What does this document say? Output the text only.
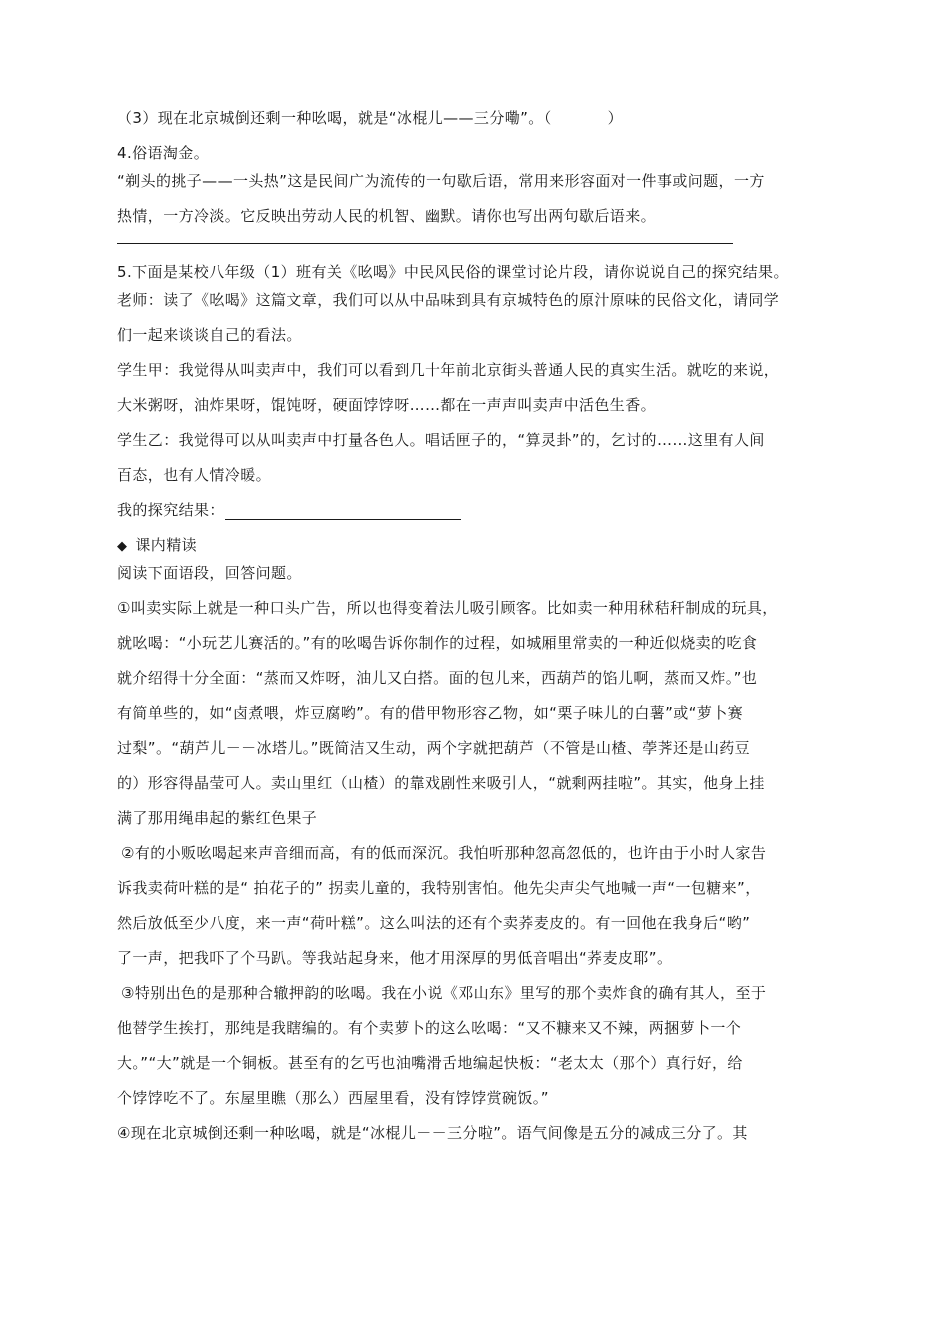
（3）现在北京城倒还剩一种吆喝，就是“冰棍儿——三分嘞”。（	）
4.俗语淘金。
“剃头的挑子——一头热”这是民间广为流传的一句歇后语，常用来形容面对一件事或问题，一方
热情，一方冷淡。它反映出劳动人民的机智、幽默。请你也写出两句歇后语来。
5.下面是某校八年级（1）班有关《吆喝》中民风民俗的课堂讨论片段，请你说说自己的探究结果。
老师：读了《吆喝》这篇文章，我们可以从中品味到具有京城特色的原汁原味的民俗文化，请同学
们一起来谈谈自己的看法。
学生甲：我觉得从叫卖声中，我们可以看到几十年前北京街头普通人民的真实生活。就吃的来说，
大米粥呀，油炸果呀，馄饨呀，硬面饽饽呀……都在一声声叫卖声中活色生香。
学生乙：我觉得可以从叫卖声中打量各色人。唱话匣子的，“算灵卦”的，乞讨的……这里有人间
百态，也有人情冷暖。
我的探究结果：
◆ 课内精读
阅读下面语段，回答问题。
①叫卖实际上就是一种口头广告，所以也得变着法儿吸引顾客。比如卖一种用秫秸秆制成的玩具，
就吆喝：“小玩艺儿赛活的。”有的吆喝告诉你制作的过程，如城厢里常卖的一种近似烧卖的吃食
就介绍得十分全面：“蒸而又炸呀，油儿又白搭。面的包儿来，西葫芦的馅儿啊，蒸而又炸。”也
有简单些的，如“卤煮喂，炸豆腐哟”。有的借甲物形容乙物，如“栗子味儿的白薯”或“萝卜赛
过梨”。“葫芦儿－－冰塔儿。”既简洁又生动，两个字就把葫芦（不管是山楂、荸荠还是山药豆
的）形容得晶莹可人。卖山里红（山楂）的靠戏剧性来吸引人，“就剩两挂啦”。其实，他身上挂
满了那用绳串起的紫红色果子
②有的小贩吆喝起来声音细而高，有的低而深沉。我怕听那种忽高忽低的，也许由于小时人家告
诉我卖荷叶糕的是“ 拍花子的” 拐卖儿童的，我特别害怕。他先尖声尖气地喊一声“一包糖来”，
然后放低至少八度，来一声“荷叶糕”。这么叫法的还有个卖荞麦皮的。有一回他在我身后“哟”
了一声，把我吓了个马趴。等我站起身来，他才用深厚的男低音唱出“荞麦皮耶”。
③特别出色的是那种合辙押韵的吆喝。我在小说《邓山东》里写的那个卖炸食的确有其人，至于
他替学生挨打，那纯是我瞎编的。有个卖萝卜的这么吆喝：“又不糠来又不辣，两捆萝卜一个
大。”“大”就是一个铜板。甚至有的乞丐也油嘴滑舌地编起快板：“老太太（那个）真行好，给
个饽饽吃不了。东屋里瞧（那么）西屋里看，没有饽饽赏碗饭。”
④现在北京城倒还剩一种吆喝，就是“冰棍儿－－三分啦”。语气间像是五分的减成三分了。其
